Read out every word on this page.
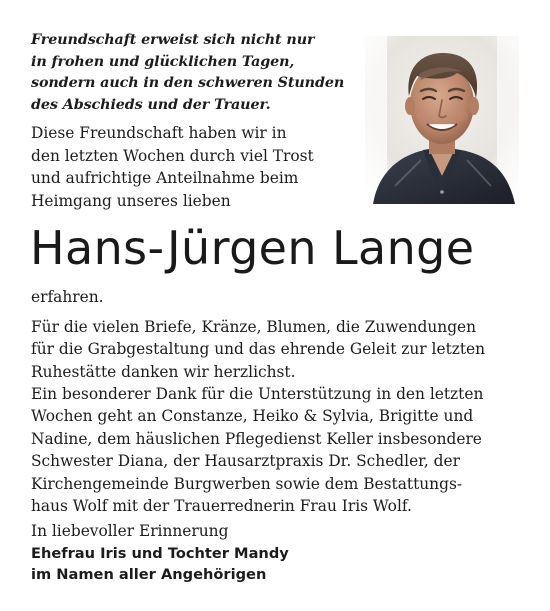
Freundschaft erweist sich nicht nur
in frohen und glücklichen Tagen,
sondern auch in den schweren Stunden
des Abschieds und der Trauer.

Diese Freundschaft haben wir in
den letzten Wochen durch viel Trost
und aufrichtige Anteilnahme beim
Heimgang unseres lieben

Hans-Jürgen Lange

erfahren.

Für die vielen Briefe, Kränze, Blumen, die Zuwendungen
für die Grabgestaltung und das ehrende Geleit zur letzten
Ruhestätte danken wir herzlichst.

Ein besonderer Dank für die Unterstützung in den letzten
Wochen geht an Constanze, Heiko & Sylvia, Brigitte und
Nadine, dem häuslichen Pflegedienst Keller insbesondere
Schwester Diana, der Hausarztpraxis Dr. Schedler, der
Kirchengemeinde Burgwerben sowie dem Bestattungs-
haus Wolf mit der Trauerrednerin Frau Iris Wolf.

In liebevoller Erinnerung
Ehefrau Iris und Tochter Mandy
im Namen aller Angehörigen
